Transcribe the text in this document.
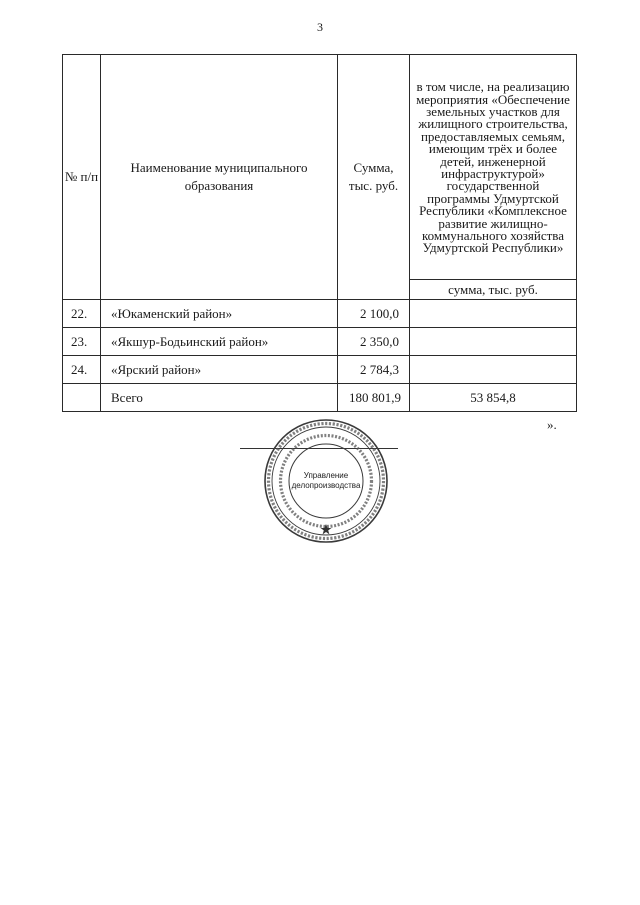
3
№ п/п	Наименование муниципального образования	Сумма, тыс. руб.	в том числе, на реализацию мероприятия «Обеспечение земельных участков для жилищного строительства, предоставляемых семьям, имеющим трёх и более детей, инженерной инфраструктурой» государственной программы Удмуртской Республики «Комплексное развитие жилищно-коммунального хозяйства Удмуртской Республики»
			сумма, тыс. руб.
22.	«Юкаменский район»	2 100,0	
23.	«Якшур-Бодьинский район»	2 350,0	
24.	«Ярский район»	2 784,3	
	Всего	180 801,9	53 854,8
».
Управление
делопроизводства
